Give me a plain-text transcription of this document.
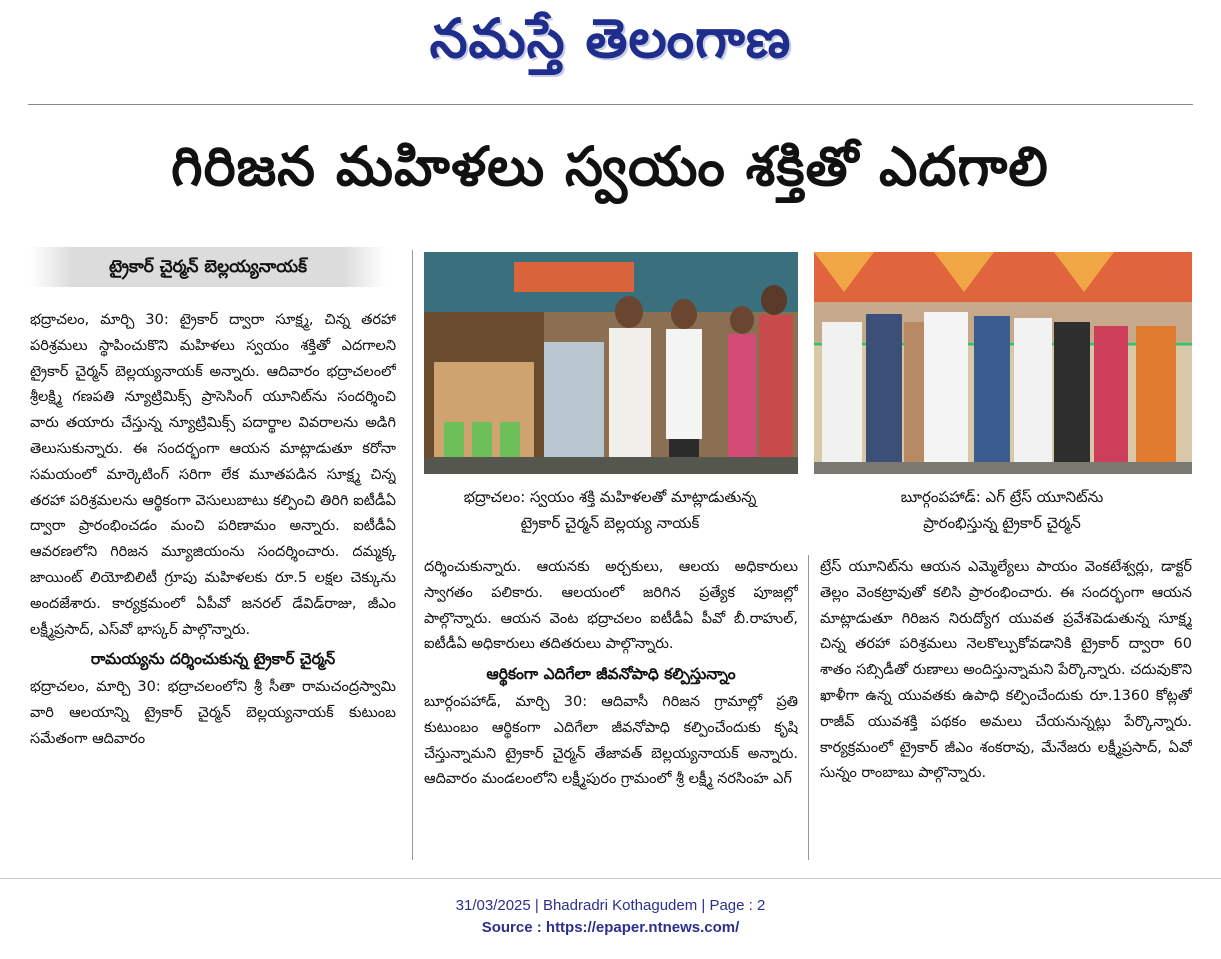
నమస్తే తెలంగాణ
గిరిజన మహిళలు స్వయం శక్తితో ఎదగాలి
ట్రైకార్ చైర్మన్ బెల్లయ్యనాయక్

భద్రాచలం, మార్చి 30: ట్రైకార్ ద్వారా సూక్ష్మ, చిన్న తరహా పరిశ్రమలు స్థాపించుకొని మహిళలు స్వయం శక్తితో ఎదగాలని ట్రైకార్ చైర్మన్ బెల్లయ్యనాయక్ అన్నారు. ఆదివారం భద్రాచలంలో శ్రీలక్ష్మి గణపతి న్యూట్రిమిక్స్ ప్రాసెసింగ్ యూనిట్‌ను సందర్శించి వారు తయారు చేస్తున్న న్యూట్రిమిక్స్ పదార్థాల వివరాలను అడిగి తెలుసుకున్నారు. ఈ సందర్భంగా ఆయన మాట్లాడుతూ కరోనా సమయంలో మార్కెటింగ్ సరిగా లేక మూతపడిన సూక్ష్మ చిన్న తరహా పరిశ్రమలను ఆర్థికంగా వెసులుబాటు కల్పించి తిరిగి ఐటీడీఏ ద్వారా ప్రారంభించడం మంచి పరిణామం అన్నారు. ఐటీడీఏ ఆవరణలోని గిరిజన మ్యూజియంను సందర్శించారు. దమ్మక్క జాయింట్ లియోబిలిటీ గ్రూపు మహిళలకు రూ.5 లక్షల చెక్కును అందజేశారు. కార్యక్రమంలో ఏపీవో జనరల్ డేవిడ్‌రాజు, జీఎం లక్ష్మీప్రసాద్, ఎస్‌వో భాస్కర్ పాల్గొన్నారు.

రామయ్యను దర్శించుకున్న ట్రైకార్ చైర్మన్

భద్రాచలం, మార్చి 30: భద్రాచలంలోని శ్రీ సీతా రామచంద్రస్వామి వారి ఆలయాన్ని ట్రైకార్ చైర్మన్ బెల్లయ్యనాయక్ కుటుంబ సమేతంగా ఆదివారం

భద్రాచలం: స్వయం శక్తి మహిళలతో మాట్లాడుతున్న
ట్రైకార్ చైర్మన్ బెల్లయ్య నాయక్
బూర్గంపహాడ్: ఎగ్ ట్రేస్ యూనిట్‌ను
ప్రారంభిస్తున్న ట్రైకార్ చైర్మన్

దర్శించుకున్నారు. ఆయనకు అర్చకులు, ఆలయ అధికారులు స్వాగతం పలికారు. ఆలయంలో జరిగిన ప్రత్యేక పూజల్లో పాల్గొన్నారు. ఆయన వెంట భద్రాచలం ఐటీడీఏ పీవో బీ.రాహుల్, ఐటీడీఏ అధికారులు తదితరులు పాల్గొన్నారు.

ఆర్థికంగా ఎదిగేలా జీవనోపాధి కల్పిస్తున్నాం

బూర్గంపహాడ్, మార్చి 30: ఆదివాసీ గిరిజన గ్రామాల్లో ప్రతి కుటుంబం ఆర్థికంగా ఎదిగేలా జీవనోపాధి కల్పించేందుకు కృషి చేస్తున్నామని ట్రైకార్ చైర్మన్ తేజావత్ బెల్లయ్యనాయక్ అన్నారు. ఆదివారం మండలంలోని లక్ష్మీపురం గ్రామంలో శ్రీ లక్ష్మీ నరసింహ ఎగ్

ట్రేస్ యూనిట్‌ను ఆయన ఎమ్మెల్యేలు పాయం వెంకటేశ్వర్లు, డాక్టర్ తెల్లం వెంకట్రావుతో కలిసి ప్రారంభించారు. ఈ సందర్భంగా ఆయన మాట్లాడుతూ గిరిజన నిరుద్యోగ యువత ప్రవేశపెడుతున్న సూక్ష్మ చిన్న తరహా పరిశ్రమలు నెలకొల్పుకోవడానికి ట్రైకార్ ద్వారా 60 శాతం సబ్సిడీతో రుణాలు అందిస్తున్నామని పేర్కొన్నారు. చదువుకొని ఖాళీగా ఉన్న యువతకు ఉపాధి కల్పించేందుకు రూ.1360 కోట్లతో రాజీవ్ యువశక్తి పథకం అమలు చేయనున్నట్లు పేర్కొన్నారు. కార్యక్రమంలో ట్రైకార్ జీఎం శంకరావు, మేనేజరు లక్ష్మీప్రసాద్, ఏవో సున్నం రాంబాబు పాల్గొన్నారు.

31/03/2025 | Bhadradri Kothagudem | Page : 2
Source : https://epaper.ntnews.com/
